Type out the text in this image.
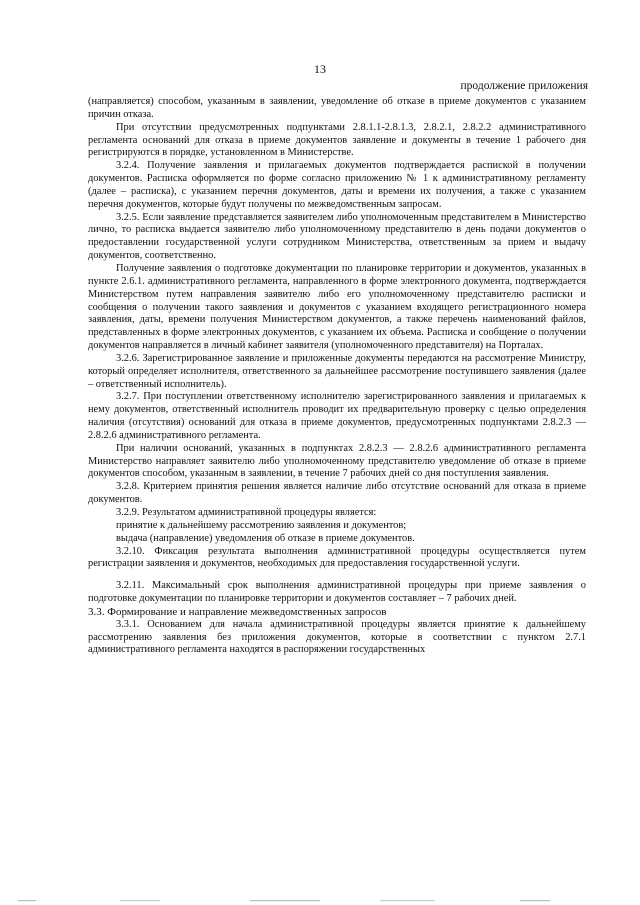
13
продолжение приложения

(направляется) способом, указанным в заявлении, уведомление об отказе в приеме документов с указанием причин отказа.

При отсутствии предусмотренных подпунктами 2.8.1.1-2.8.1.3, 2.8.2.1, 2.8.2.2 административного регламента оснований для отказа в приеме документов заявление и документы в течение 1 рабочего дня регистрируются в порядке, установленном в Министерстве.

3.2.4. Получение заявления и прилагаемых документов подтверждается распиской в получении документов. Расписка оформляется по форме согласно приложению № 1 к административному регламенту (далее – расписка), с указанием перечня документов, даты и времени их получения, а также с указанием перечня документов, которые будут получены по межведомственным запросам.

3.2.5. Если заявление представляется заявителем либо уполномоченным представителем в Министерство лично, то расписка выдается заявителю либо уполномоченному представителю в день подачи документов о предоставлении государственной услуги сотрудником Министерства, ответственным за прием и выдачу документов, соответственно.

Получение заявления о подготовке документации по планировке территории и документов, указанных в пункте 2.6.1. административного регламента, направленного в форме электронного документа, подтверждается Министерством путем направления заявителю либо его уполномоченному представителю расписки и сообщения о получении такого заявления и документов с указанием входящего регистрационного номера заявления, даты, времени получения Министерством документов, а также перечень наименований файлов, представленных в форме электронных документов, с указанием их объема. Расписка и сообщение о получении документов направляется в личный кабинет заявителя (уполномоченного представителя) на Порталах.

3.2.6. Зарегистрированное заявление и приложенные документы передаются на рассмотрение Министру, который определяет исполнителя, ответственного за дальнейшее рассмотрение поступившего заявления (далее – ответственный исполнитель).

3.2.7. При поступлении ответственному исполнителю зарегистрированного заявления и прилагаемых к нему документов, ответственный исполнитель проводит их предварительную проверку с целью определения наличия (отсутствия) оснований для отказа в приеме документов, предусмотренных подпунктами 2.8.2.3 — 2.8.2.6 административного регламента.

При наличии оснований, указанных в подпунктах 2.8.2.3 — 2.8.2.6 административного регламента Министерство направляет заявителю либо уполномоченному представителю уведомление об отказе в приеме документов способом, указанным в заявлении, в течение 7 рабочих дней со дня поступления заявления.

3.2.8. Критерием принятия решения является наличие либо отсутствие оснований для отказа в приеме документов.

3.2.9. Результатом административной процедуры является:

принятие к дальнейшему рассмотрению заявления и документов;

выдача (направление) уведомления об отказе в приеме документов.

3.2.10. Фиксация результата выполнения административной процедуры осуществляется путем регистрации заявления и документов, необходимых для предоставления государственной услуги.

3.2.11. Максимальный срок выполнения административной процедуры при приеме заявления о подготовке документации по планировке территории и документов составляет – 7 рабочих дней.

3.3. Формирование и направление межведомственных запросов

3.3.1. Основанием для начала административной процедуры является принятие к дальнейшему рассмотрению заявления без приложения документов, которые в соответствии с пунктом 2.7.1 административного регламента находятся в распоряжении государственных
